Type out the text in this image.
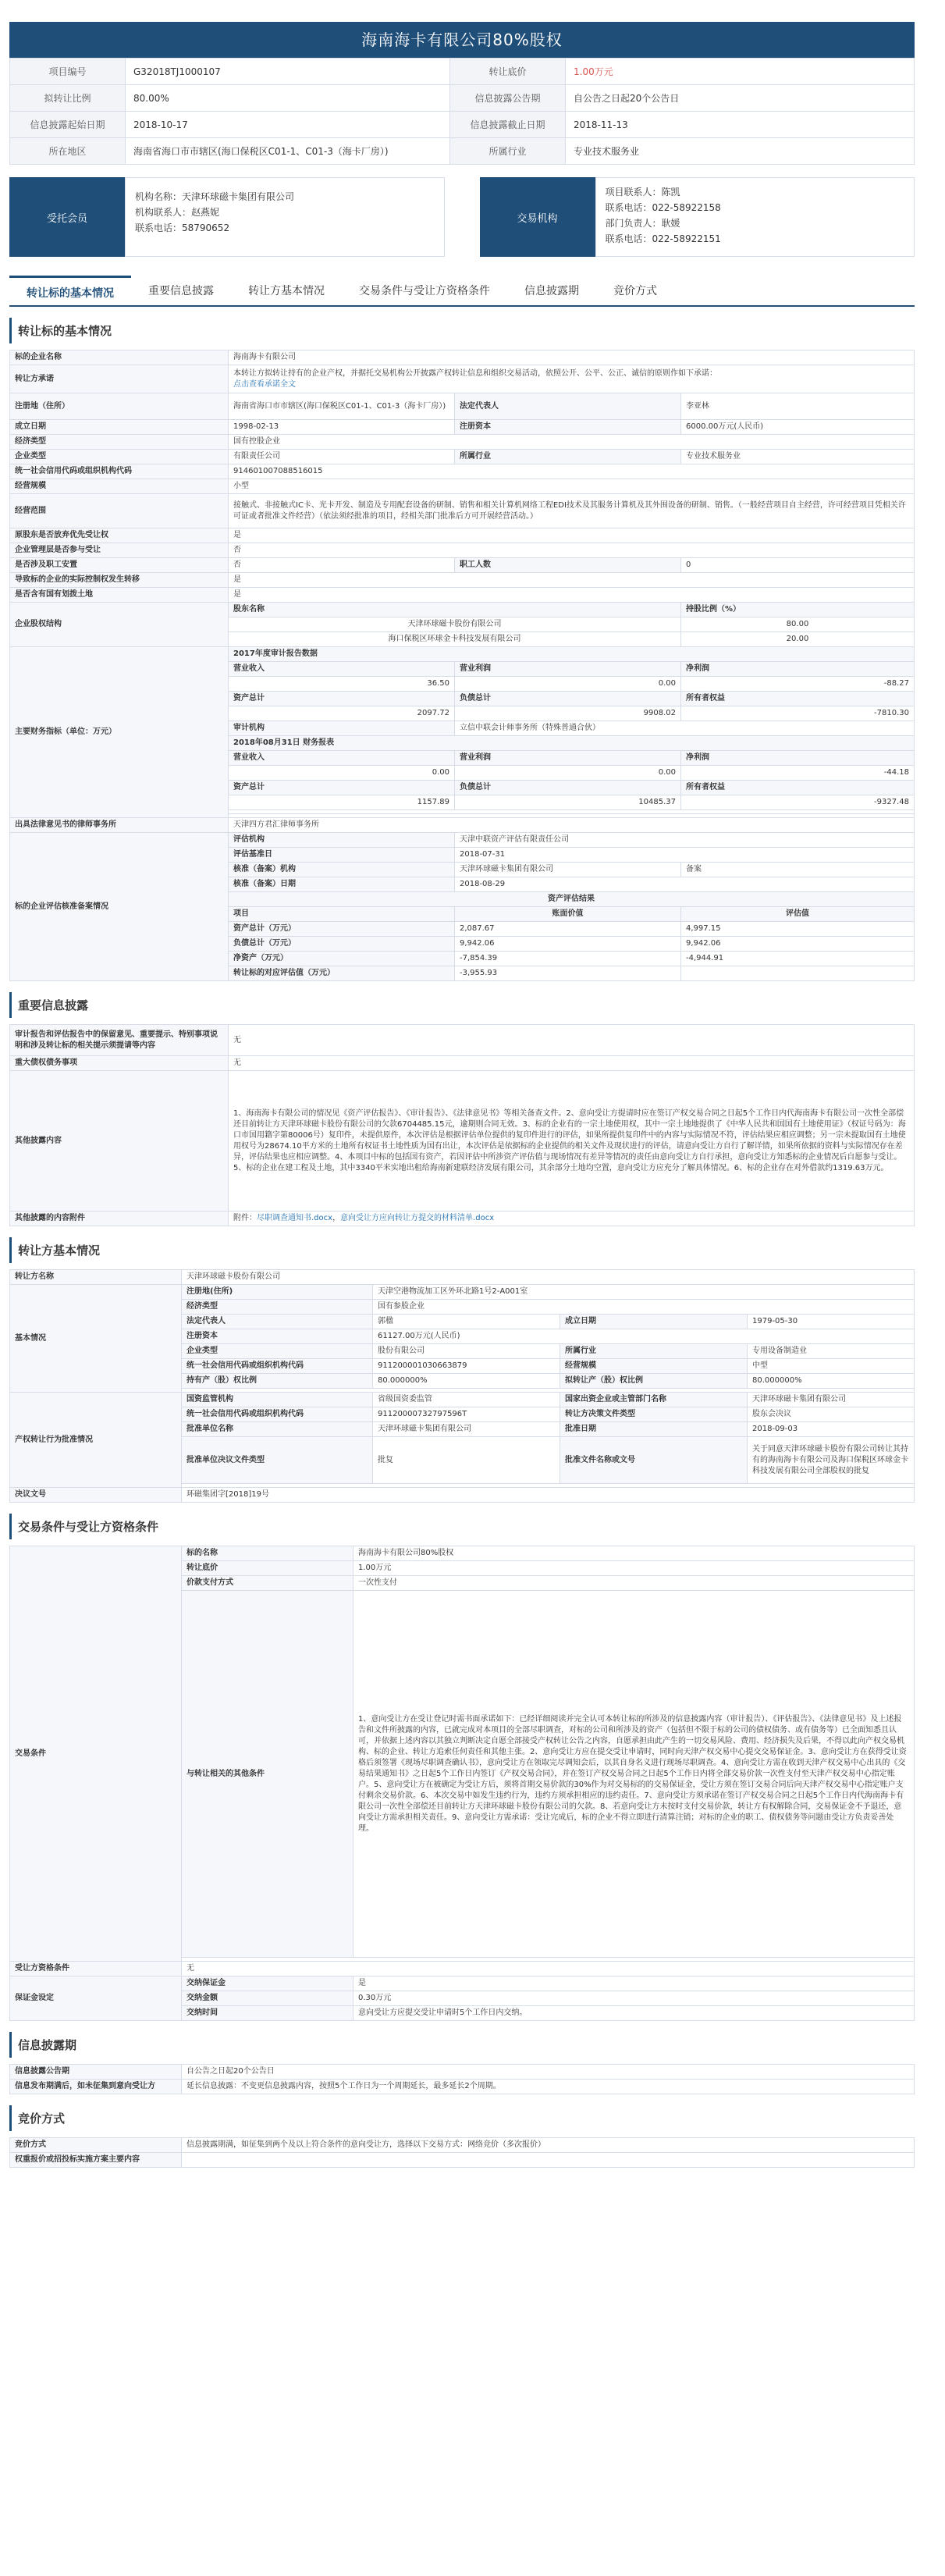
海南海卡有限公司80%股权
项目编号	G32018TJ1000107	转让底价	1.00万元
拟转让比例	80.00%	信息披露公告期	自公告之日起20个公告日
信息披露起始日期	2018-10-17	信息披露截止日期	2018-11-13
所在地区	海南省海口市市辖区(海口保税区C01-1、C01-3（海卡厂房）)	所属行业	专业技术服务业
受托会员
机构名称：天津环球磁卡集团有限公司
机构联系人：赵燕妮
联系电话：58790652
交易机构
项目联系人：陈凯
联系电话：022-58922158
部门负责人：耿媛
联系电话：022-58922151
转让标的基本情况	重要信息披露	转让方基本情况	交易条件与受让方资格条件	信息披露期	竞价方式
转让标的基本情况
标的企业名称	海南海卡有限公司		
转让方承诺	本转让方拟转让持有的企业产权，并据托交易机构公开披露产权转让信息和组织交易活动，依照公开、公平、公正、诚信的原则作如下承诺：
点击查看承诺全文		

注册地（住所）	海南省海口市市辖区(海口保税区C01-1、C01-3（海卡厂房）)	法定代表人	李亚林
成立日期	1998-02-13	注册资本	6000.00万元(人民币)
经济类型	国有控股企业		
企业类型	有限责任公司	所属行业	专业技术服务业
统一社会信用代码或组织机构代码	914601007088516015		
经营规模	小型		
经营范围	接触式、非接触式IC卡、光卡开发、制造及专用配套设备的研制、销售和相关计算机网络工程EDI技术及其服务计算机及其外围设备的研制、销售。（一般经营项目自主经营，许可经营项目凭相关许可证或者批准文件经营）（依法须经批准的项目，经相关部门批准后方可开展经营活动。）		
原股东是否放弃优先受让权	是		
企业管理层是否参与受让	否		
是否涉及职工安置	否	职工人数	0
导致标的企业的实际控制权发生转移	是		
是否含有国有划拨土地	是		
企业股权结构	股东名称		持股比例（%）
	天津环球磁卡股份有限公司		80.00
	海口保税区环球金卡科技发展有限公司		20.00
主要财务指标（单位：万元）	2017年度审计报告数据		
	营业收入	营业利润	净利润
	36.50	0.00	-88.27
	资产总计	负债总计	所有者权益
	2097.72	9908.02	-7810.30
	审计机构	立信中联会计师事务所（特殊普通合伙）	
	2018年08月31日 财务报表		
	营业收入	营业利润	净利润
	0.00	0.00	-44.18
	资产总计	负债总计	所有者权益
	1157.89	10485.37	-9327.48

出具法律意见书的律师事务所	天津四方君汇律师事务所		
标的企业评估核准备案情况	评估机构	天津中联资产评估有限责任公司	
	评估基准日	2018-07-31	
	核准（备案）机构	天津环球磁卡集团有限公司	备案
	核准（备案）日期	2018-08-29	
	资产评估结果		
	项目	账面价值	评估值
	资产总计（万元）	2,087.67	4,997.15
	负债总计（万元）	9,942.06	9,942.06
	净资产（万元）	-7,854.39	-4,944.91
	转让标的对应评估值（万元）	-3,955.93	
重要信息披露
审计报告和评估报告中的保留意见、重要提示、特别事项说明和涉及转让标的相关提示须提请等内容	无
重大债权债务事项	无
其他披露内容	1、海南海卡有限公司的情况见《资产评估报告》、《审计报告》、《法律意见书》等相关备查文件。2、意向受让方提请时应在签订产权交易合同之日起5个工作日内代海南海卡有限公司一次性全部偿还目前转让方天津环球磁卡股份有限公司的欠款6704485.15元，逾期则合同无效。3、标的企业有的一宗土地使用权，其中一宗土地地提供了《中华人民共和国国有土地使用证》（权证号码为：海口市国用籍字第80006号）复印件，未提供原件，本次评估是根据评估单位提供的复印件进行的评估，如果所提供复印件中的内容与实际情况不符，评估结果应相应调整；另一宗未提取国有土地使用权号为28674.10平方米的土地所有权证书土地性质为国有出让，本次评估是依据标的企业提供的相关文件及现状进行的评估，请意向受让方自行了解详情，如果所依据的资料与实际情况存在差异，评估结果也应相应调整。4、本项目中标的包括国有资产，若因评估中所涉资产评估值与现场情况有差异等情况的责任由意向受让方自行承担，意向受让方知悉标的企业情况后自愿参与受让。5、标的企业在建工程及土地，其中3340平米实地出租给海南新建联经济发展有限公司，其余部分土地均空置，意向受让方应充分了解具体情况。6、标的企业存在对外借款约1319.63万元。
其他披露的内容附件	附件：尽职调查通知书.docx，意向受让方应向转让方提交的材料清单.docx
转让方基本情况
转让方名称	天津环球磁卡股份有限公司			
基本情况	注册地(住所)	天津空港物流加工区外环北路1号2-A001室		
	经济类型	国有参股企业		
	法定代表人	郭楹	成立日期	1979-05-30
	注册资本	61127.00万元(人民币)		
	企业类型	股份有限公司	所属行业	专用设备制造业
	统一社会信用代码或组织机构代码	911200001030663879	经营规模	中型
	持有产（股）权比例	80.000000%	拟转让产（股）权比例	80.000000%

产权转让行为批准情况	国资监管机构	省级国资委监管	国家出资企业或主管部门名称	天津环球磁卡集团有限公司
	统一社会信用代码或组织机构代码	91120000732797596T	转让方决策文件类型	股东会决议
	批准单位名称	天津环球磁卡集团有限公司	批准日期	2018-09-03
	批准单位决议文件类型	批复	批准文件名称或文号	关于同意天津环球磁卡股份有限公司转让其持有的海南海卡有限公司及海口保税区环球金卡科技发展有限公司全部股权的批复

决议文号	环磁集团字[2018]19号			
交易条件与受让方资格条件
交易条件	标的名称	海南海卡有限公司80%股权
	转让底价	1.00万元
	价款支付方式	一次性支付
	与转让相关的其他条件	1、意向受让方在受让登记时需书面承诺如下：已经详细阅读并完全认可本转让标的所涉及的信息披露内容（审计报告）、《评估报告》、《法律意见书》及上述报告和文件所披露的内容，已就完成对本项目的全部尽职调查，对标的公司和所涉及的资产（包括但不限于标的公司的债权债务、或有债务等）已全面知悉且认可，并依据上述内容以其独立判断决定自愿全部接受产权转让公告之内容，自愿承担由此产生的一切交易风险、费用、经济损失及后果，不得以此向产权交易机构、标的企业、转让方追索任何责任和其他主张。2、意向受让方应在提交受让申请时，同时向天津产权交易中心提交交易保证金。3、意向受让方在获得受让资格后须签署《现场尽职调查确认书》，意向受让方在领取完尽调知会后，以其自身名义进行现场尽职调查。4、意向受让方需在收到天津产权交易中心出具的《交易结果通知书》之日起5个工作日内签订《产权交易合同》，并在签订产权交易合同之日起5个工作日内将全部交易价款一次性支付至天津产权交易中心指定账户。5、意向受让方在被确定为受让方后，须将首期交易价款的30%作为对交易标的的交易保证金，受让方须在签订交易合同后向天津产权交易中心指定账户支付剩余交易价款。6、本次交易中如发生违约行为，违约方须承担相应的违约责任。7、意向受让方须承诺在签订产权交易合同之日起5个工作日内代海南海卡有限公司一次性全部偿还目前转让方天津环球磁卡股份有限公司的欠款。8、若意向受让方未按时支付交易价款，转让方有权解除合同，交易保证金不予退还，意向受让方需承担相关责任。9、意向受让方需承诺：受让完成后，标的企业不得立即进行清算注销；对标的企业的职工、债权债务等问题由受让方负责妥善处理。

受让方资格条件	无	
保证金设定	交纳保证金	是
	交纳金额	0.30万元
	交纳时间	意向受让方应提交受让申请时5个工作日内交纳。
信息披露期
信息披露公告期	自公告之日起20个公告日
信息发布期满后，如未征集到意向受让方	延长信息披露：不变更信息披露内容，按照5个工作日为一个周期延长，最多延长2个周期。
竞价方式
竞价方式	信息披露期满，如征集到两个及以上符合条件的意向受让方，选择以下交易方式：网络竞价（多次报价）
权重报价或招投标实施方案主要内容	
